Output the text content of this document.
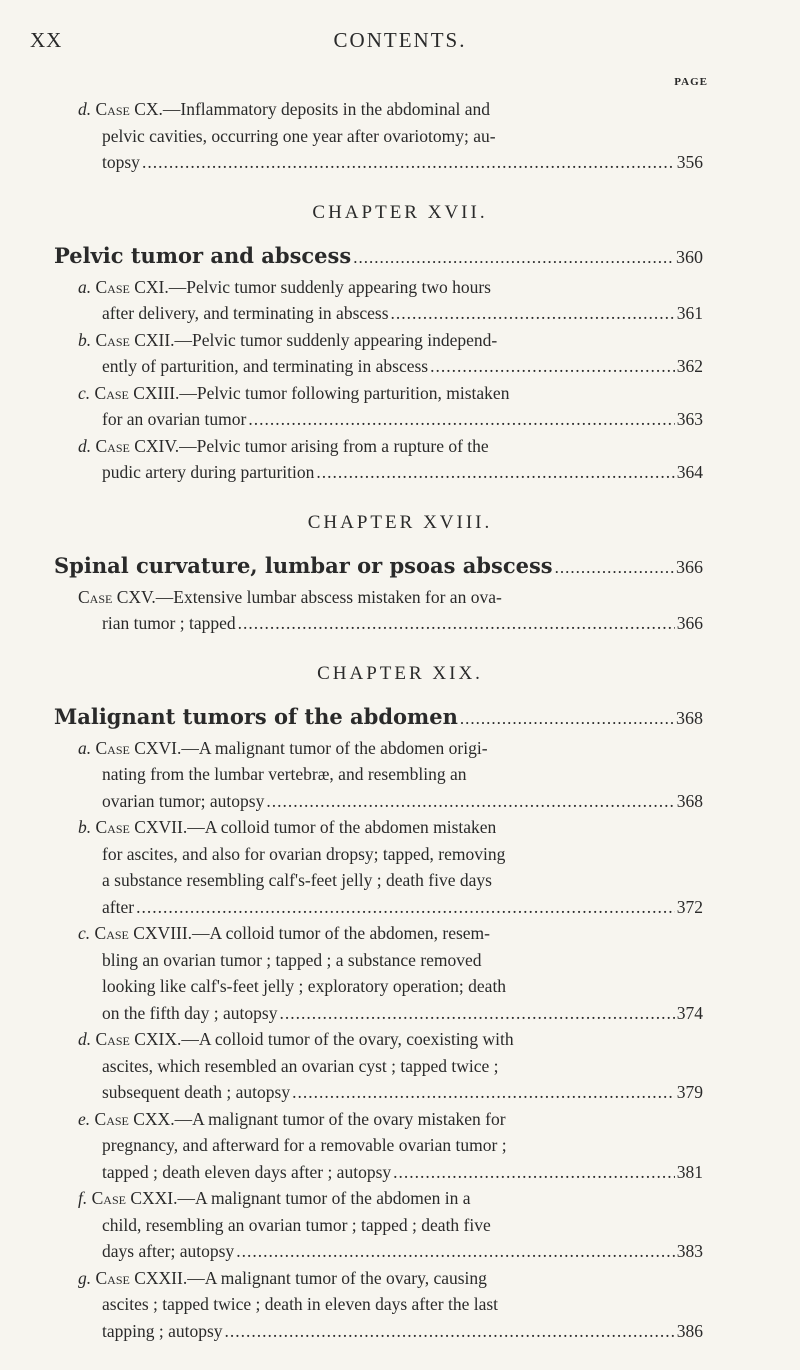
XX	CONTENTS.
PAGE
d. Case CX.—Inflammatory deposits in the abdominal and
pelvic cavities, occurring one year after ovariotomy; au-
topsy .....	356
CHAPTER XVII.
Pelvic tumor and abscess .....	360
a. Case CXI.—Pelvic tumor suddenly appearing two hours
after delivery, and terminating in abscess .....	361
b. Case CXII.—Pelvic tumor suddenly appearing independ-
ently of parturition, and terminating in abscess .....	362
c. Case CXIII.—Pelvic tumor following parturition, mistaken
for an ovarian tumor .....	363
d. Case CXIV.—Pelvic tumor arising from a rupture of the
pudic artery during parturition .....	364
CHAPTER XVIII.
Spinal curvature, lumbar or psoas abscess .....	366
Case CXV.—Extensive lumbar abscess mistaken for an ova-
rian tumor ; tapped .....	366
CHAPTER XIX.
Malignant tumors of the abdomen .....	368
a. Case CXVI.—A malignant tumor of the abdomen origi-
nating from the lumbar vertebræ, and resembling an
ovarian tumor; autopsy .....	368
b. Case CXVII.—A colloid tumor of the abdomen mistaken
for ascites, and also for ovarian dropsy; tapped, removing
a substance resembling calf's-feet jelly ; death five days
after .....	372
c. Case CXVIII.—A colloid tumor of the abdomen, resem-
bling an ovarian tumor ; tapped ; a substance removed
looking like calf's-feet jelly ; exploratory operation; death
on the fifth day ; autopsy .....	374
d. Case CXIX.—A colloid tumor of the ovary, coexisting with
ascites, which resembled an ovarian cyst ; tapped twice ;
subsequent death ; autopsy .....	379
e. Case CXX.—A malignant tumor of the ovary mistaken for
pregnancy, and afterward for a removable ovarian tumor ;
tapped ; death eleven days after ; autopsy .....	381
f. Case CXXI.—A malignant tumor of the abdomen in a
child, resembling an ovarian tumor ; tapped ; death five
days after; autopsy .....	383
g. Case CXXII.—A malignant tumor of the ovary, causing
ascites ; tapped twice ; death in eleven days after the last
tapping ; autopsy .....	386
